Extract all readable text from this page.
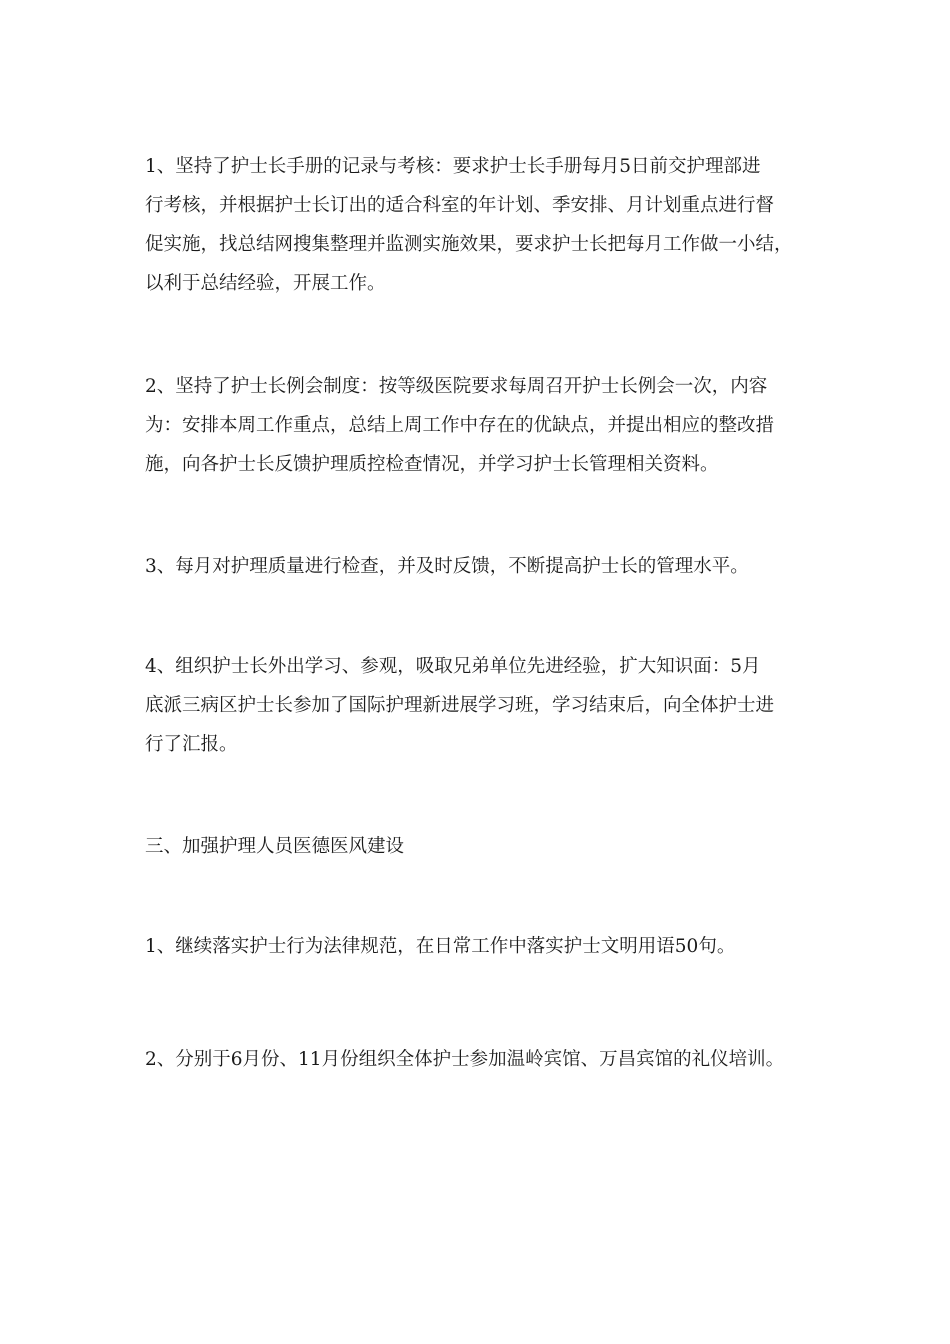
1、坚持了护士长手册的记录与考核：要求护士长手册每月5日前交护理部进
行考核，并根据护士长订出的适合科室的年计划、季安排、月计划重点进行督
促实施，找总结网搜集整理并监测实施效果，要求护士长把每月工作做一小结，
以利于总结经验，开展工作。

2、坚持了护士长例会制度：按等级医院要求每周召开护士长例会一次，内容
为：安排本周工作重点，总结上周工作中存在的优缺点，并提出相应的整改措
施，向各护士长反馈护理质控检查情况，并学习护士长管理相关资料。

3、每月对护理质量进行检查，并及时反馈，不断提高护士长的管理水平。

4、组织护士长外出学习、参观，吸取兄弟单位先进经验，扩大知识面：5月
底派三病区护士长参加了国际护理新进展学习班，学习结束后，向全体护士进
行了汇报。

三、加强护理人员医德医风建设

1、继续落实护士行为法律规范，在日常工作中落实护士文明用语50句。

2、分别于6月份、11月份组织全体护士参加温岭宾馆、万昌宾馆的礼仪培训。
